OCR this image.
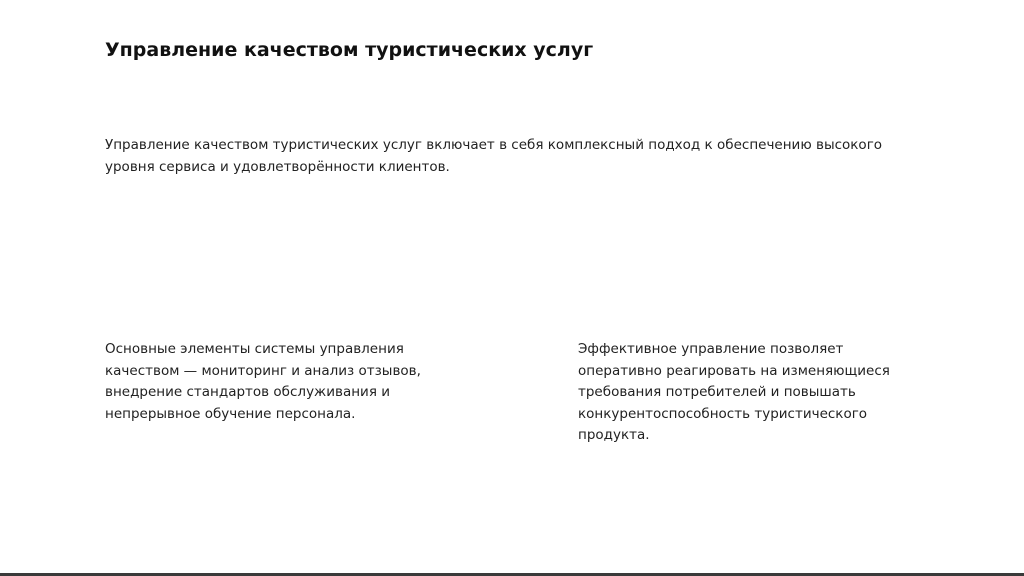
Управление качеством туристических услуг

Управление качеством туристических услуг включает в себя комплексный подход к обеспечению высокого уровня сервиса и удовлетворённости клиентов.

Основные элементы системы управления качеством — мониторинг и анализ отзывов, внедрение стандартов обслуживания и непрерывное обучение персонала.

Эффективное управление позволяет оперативно реагировать на изменяющиеся требования потребителей и повышать конкурентоспособность туристического продукта.
